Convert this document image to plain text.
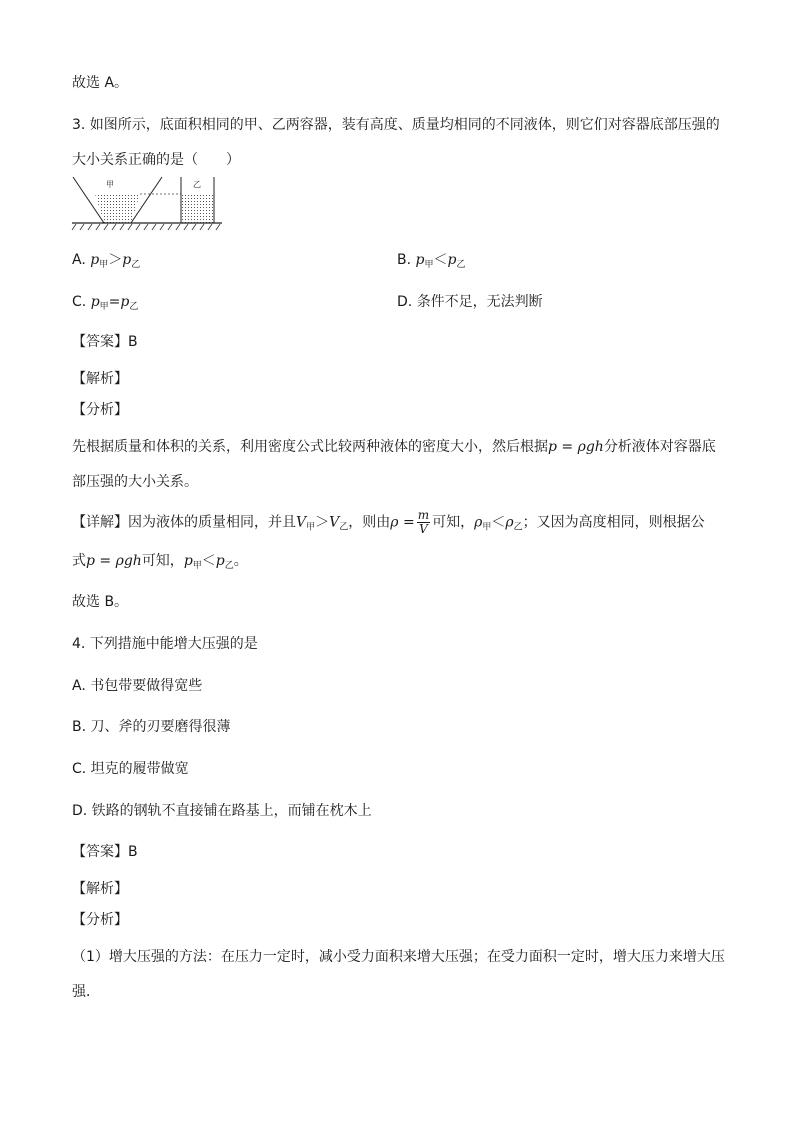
故选 A。
3. 如图所示，底面积相同的甲、乙两容器，装有高度、质量均相同的不同液体，则它们对容器底部压强的
大小关系正确的是（　　）
甲	乙
A. $p_甲>p_乙$	B. $p_甲<p_乙$
C. $p_甲=p_乙$	D. 条件不足，无法判断
【答案】B
【解析】
【分析】
先根据质量和体积的关系，利用密度公式比较两种液体的密度大小，然后根据p = ρgh分析液体对容器底
部压强的大小关系。
【详解】因为液体的质量相同，并且$V_甲>V_乙$，则由$\rho = \frac{m}{V}$ 可知，$\rho_甲<\rho_乙$；又因为高度相同，则根据公
式p = ρgh可知，$p_甲<p_乙$。
故选 B。
4. 下列措施中能增大压强的是
A. 书包带要做得宽些
B. 刀、斧的刃要磨得很薄
C. 坦克的履带做宽
D. 铁路的钢轨不直接铺在路基上，而铺在枕木上
【答案】B
【解析】
【分析】
（1）增大压强的方法：在压力一定时，减小受力面积来增大压强；在受力面积一定时，增大压力来增大压
强．
